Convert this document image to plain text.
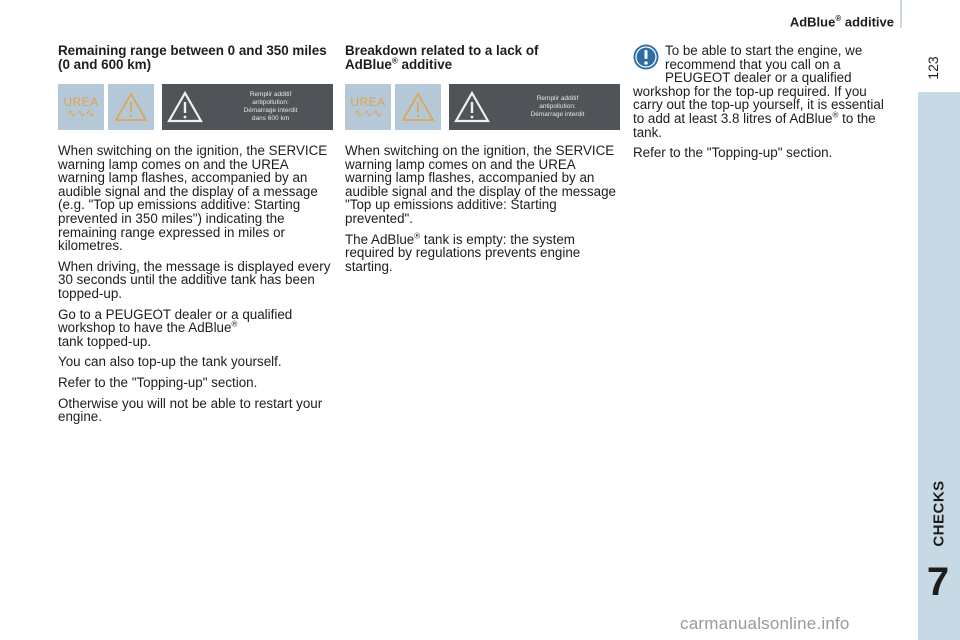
AdBlue® additive
123
CHECKS
7
Remaining range between 0 and 350 miles (0 and 600 km)
UREA
∿∿∿
Remplir additif
antipollution:
Démarrage interdit
dans 600 km

When switching on the ignition, the SERVICE warning lamp comes on and the UREA warning lamp flashes, accompanied by an audible signal and the display of a message (e.g. "Top up emissions additive: Starting prevented in 350 miles") indicating the remaining range expressed in miles or kilometres.

When driving, the message is displayed every 30 seconds until the additive tank has been topped-up.

Go to a PEUGEOT dealer or a qualified workshop to have the AdBlue®
tank topped-up.

You can also top-up the tank yourself.

Refer to the "Topping-up" section.

Otherwise you will not be able to restart your engine.

Breakdown related to a lack of
AdBlue® additive
UREA
∿∿∿
Remplir additif
antipollution:
Démarrage interdit

When switching on the ignition, the SERVICE warning lamp comes on and the UREA warning lamp flashes, accompanied by an audible signal and the display of the message "Top up emissions additive: Starting prevented".

The AdBlue® tank is empty: the system required by regulations prevents engine starting.

To be able to start the engine, we recommend that you call on a PEUGEOT dealer or a qualified
workshop for the top-up required. If you carry out the top-up yourself, it is essential to add at least 3.8 litres of AdBlue® to the tank.

Refer to the "Topping-up" section.

carmanualsonline.info
